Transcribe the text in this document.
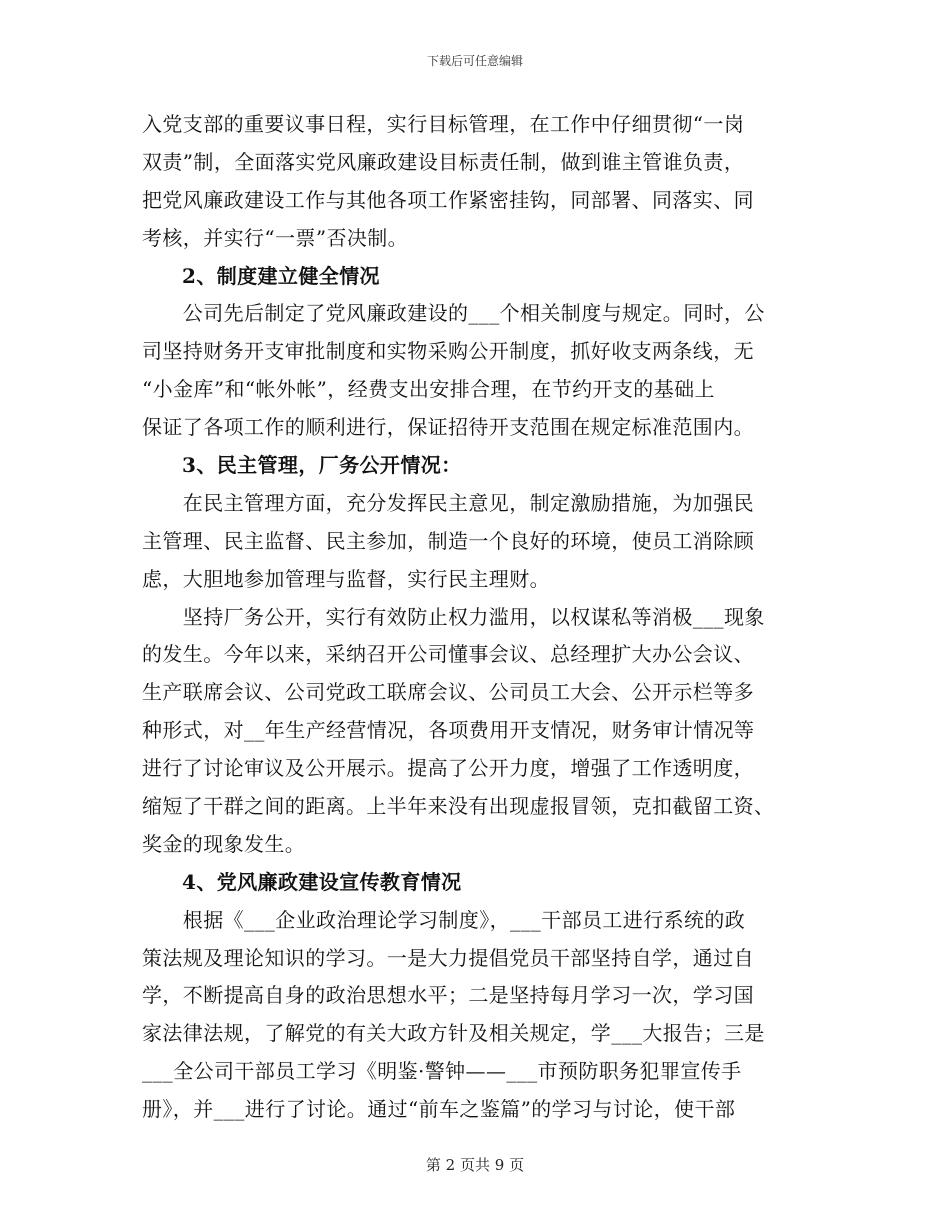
下载后可任意编辑
入党支部的重要议事日程，实行目标管理，在工作中仔细贯彻“一岗
双责”制，全面落实党风廉政建设目标责任制，做到谁主管谁负责，
把党风廉政建设工作与其他各项工作紧密挂钩，同部署、同落实、同
考核，并实行“一票”否决制。
2、制度建立健全情况
　　公司先后制定了党风廉政建设的___个相关制度与规定。同时，公
司坚持财务开支审批制度和实物采购公开制度，抓好收支两条线，无
“小金库”和“帐外帐”，经费支出安排合理，在节约开支的基础上
保证了各项工作的顺利进行，保证招待开支范围在规定标准范围内。
3、民主管理，厂务公开情况：
　　在民主管理方面，充分发挥民主意见，制定激励措施，为加强民
主管理、民主监督、民主参加，制造一个良好的环境，使员工消除顾
虑，大胆地参加管理与监督，实行民主理财。
　　坚持厂务公开，实行有效防止权力滥用，以权谋私等消极___现象
的发生。今年以来，采纳召开公司懂事会议、总经理扩大办公会议、
生产联席会议、公司党政工联席会议、公司员工大会、公开示栏等多
种形式，对__年生产经营情况，各项费用开支情况，财务审计情况等
进行了讨论审议及公开展示。提高了公开力度，增强了工作透明度，
缩短了干群之间的距离。上半年来没有出现虚报冒领，克扣截留工资、
奖金的现象发生。
4、党风廉政建设宣传教育情况
　　根据《___企业政治理论学习制度》，___干部员工进行系统的政
策法规及理论知识的学习。一是大力提倡党员干部坚持自学，通过自
学，不断提高自身的政治思想水平；二是坚持每月学习一次，学习国
家法律法规，了解党的有关大政方针及相关规定，学___大报告；三是
___全公司干部员工学习《明鉴·警钟——___市预防职务犯罪宣传手
册》，并___进行了讨论。通过“前车之鉴篇”的学习与讨论，使干部
第 2 页共 9 页
